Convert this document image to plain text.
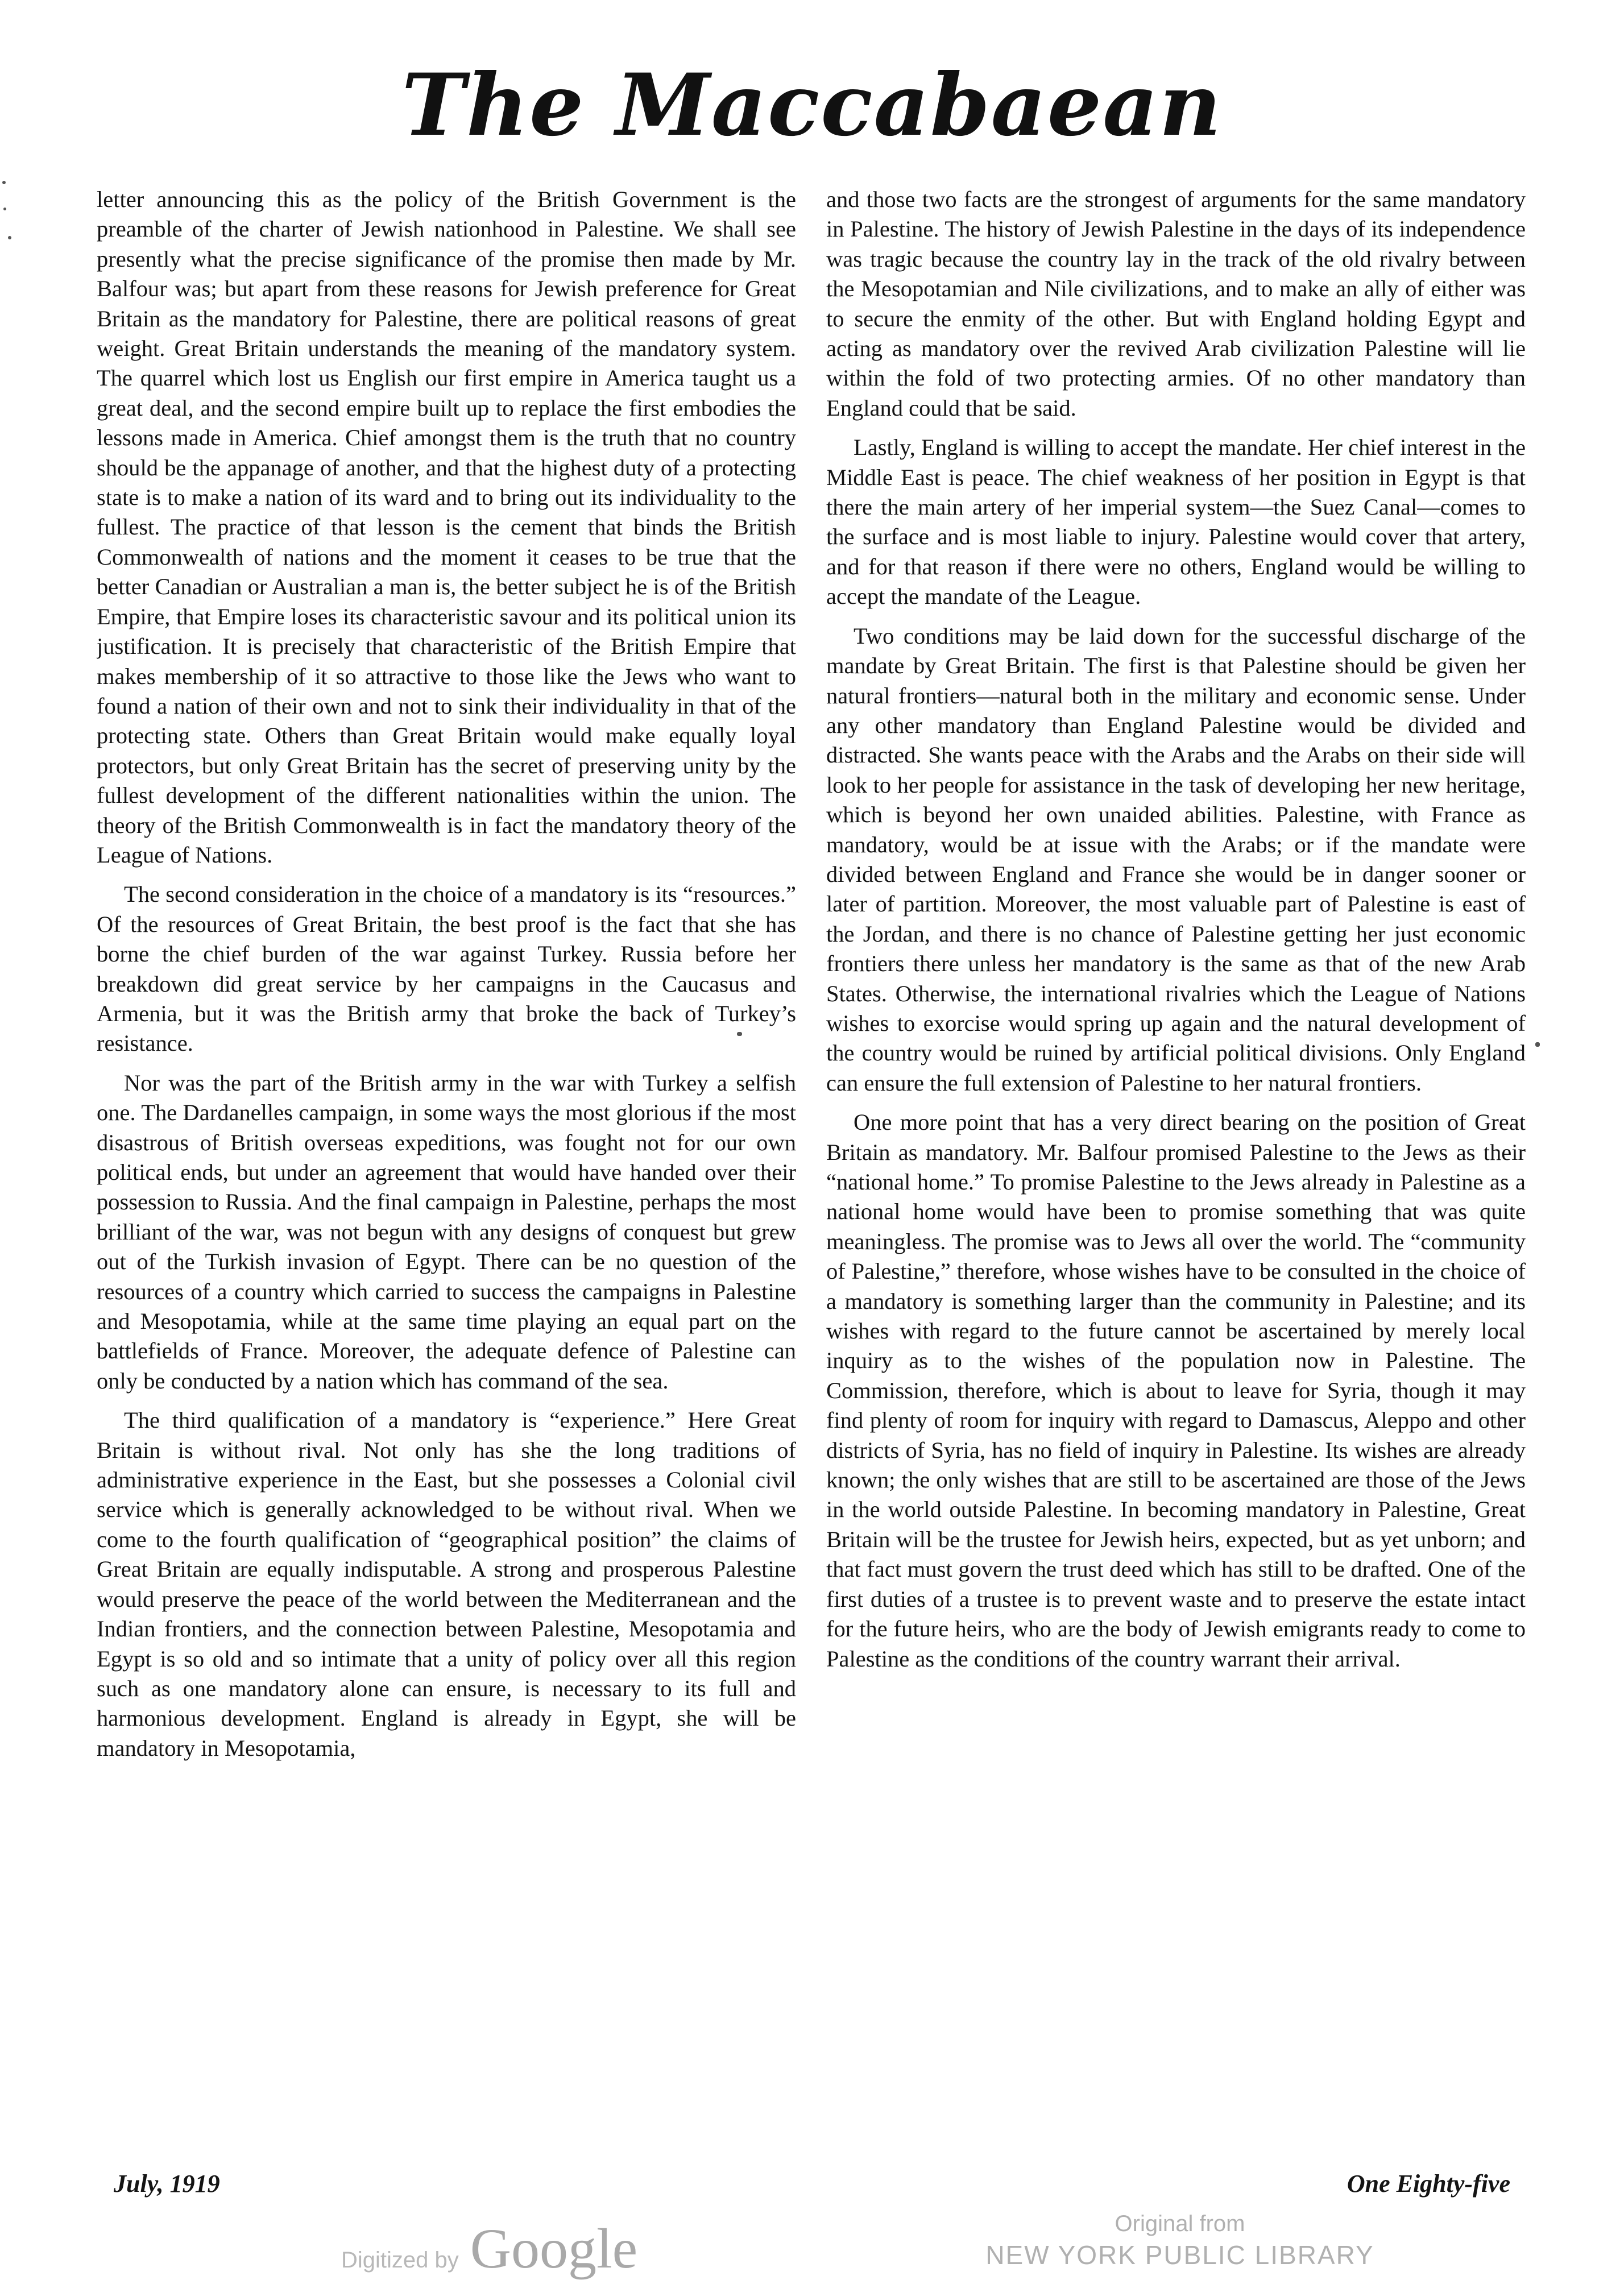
The Maccabaean

letter announcing this as the policy of the British Government is the preamble of the charter of Jewish nationhood in Palestine. We shall see presently what the precise significance of the promise then made by Mr. Balfour was; but apart from these reasons for Jewish preference for Great Britain as the mandatory for Palestine, there are political reasons of great weight. Great Britain understands the meaning of the mandatory system. The quarrel which lost us English our first empire in America taught us a great deal, and the second empire built up to replace the first embodies the lessons made in America. Chief amongst them is the truth that no country should be the appanage of another, and that the highest duty of a protecting state is to make a nation of its ward and to bring out its individuality to the fullest. The practice of that lesson is the cement that binds the British Commonwealth of nations and the moment it ceases to be true that the better Canadian or Australian a man is, the better subject he is of the British Empire, that Empire loses its characteristic savour and its political union its justification. It is precisely that characteristic of the British Empire that makes membership of it so attractive to those like the Jews who want to found a nation of their own and not to sink their individuality in that of the protecting state. Others than Great Britain would make equally loyal protectors, but only Great Britain has the secret of preserving unity by the fullest development of the different nationalities within the union. The theory of the British Commonwealth is in fact the mandatory theory of the League of Nations.

The second consideration in the choice of a mandatory is its “resources.” Of the resources of Great Britain, the best proof is the fact that she has borne the chief burden of the war against Turkey. Russia before her breakdown did great service by her campaigns in the Caucasus and Armenia, but it was the British army that broke the back of Turkey’s resistance.

Nor was the part of the British army in the war with Turkey a selfish one. The Dardanelles campaign, in some ways the most glorious if the most disastrous of British overseas expeditions, was fought not for our own political ends, but under an agreement that would have handed over their possession to Russia. And the final campaign in Palestine, perhaps the most brilliant of the war, was not begun with any designs of conquest but grew out of the Turkish invasion of Egypt. There can be no question of the resources of a country which carried to success the campaigns in Palestine and Mesopotamia, while at the same time playing an equal part on the battlefields of France. Moreover, the adequate defence of Palestine can only be conducted by a nation which has command of the sea.

The third qualification of a mandatory is “experience.” Here Great Britain is without rival. Not only has she the long traditions of administrative experience in the East, but she possesses a Colonial civil service which is generally acknowledged to be without rival. When we come to the fourth qualification of “geographical position” the claims of Great Britain are equally indisputable. A strong and prosperous Palestine would preserve the peace of the world between the Mediterranean and the Indian frontiers, and the connection between Palestine, Mesopotamia and Egypt is so old and so intimate that a unity of policy over all this region such as one mandatory alone can ensure, is necessary to its full and harmonious development. England is already in Egypt, she will be mandatory in Mesopotamia,

and those two facts are the strongest of arguments for the same mandatory in Palestine. The history of Jewish Palestine in the days of its independence was tragic because the country lay in the track of the old rivalry between the Mesopotamian and Nile civilizations, and to make an ally of either was to secure the enmity of the other. But with England holding Egypt and acting as mandatory over the revived Arab civilization Palestine will lie within the fold of two protecting armies. Of no other mandatory than England could that be said.

Lastly, England is willing to accept the mandate. Her chief interest in the Middle East is peace. The chief weakness of her position in Egypt is that there the main artery of her imperial system—the Suez Canal—comes to the surface and is most liable to injury. Palestine would cover that artery, and for that reason if there were no others, England would be willing to accept the mandate of the League.

Two conditions may be laid down for the successful discharge of the mandate by Great Britain. The first is that Palestine should be given her natural frontiers—natural both in the military and economic sense. Under any other mandatory than England Palestine would be divided and distracted. She wants peace with the Arabs and the Arabs on their side will look to her people for assistance in the task of developing her new heritage, which is beyond her own unaided abilities. Palestine, with France as mandatory, would be at issue with the Arabs; or if the mandate were divided between England and France she would be in danger sooner or later of partition. Moreover, the most valuable part of Palestine is east of the Jordan, and there is no chance of Palestine getting her just economic frontiers there unless her mandatory is the same as that of the new Arab States. Otherwise, the international rivalries which the League of Nations wishes to exorcise would spring up again and the natural development of the country would be ruined by artificial political divisions. Only England can ensure the full extension of Palestine to her natural frontiers.

One more point that has a very direct bearing on the position of Great Britain as mandatory. Mr. Balfour promised Palestine to the Jews as their “national home.” To promise Palestine to the Jews already in Palestine as a national home would have been to promise something that was quite meaningless. The promise was to Jews all over the world. The “community of Palestine,” therefore, whose wishes have to be consulted in the choice of a mandatory is something larger than the community in Palestine; and its wishes with regard to the future cannot be ascertained by merely local inquiry as to the wishes of the population now in Palestine. The Commission, therefore, which is about to leave for Syria, though it may find plenty of room for inquiry with regard to Damascus, Aleppo and other districts of Syria, has no field of inquiry in Palestine. Its wishes are already known; the only wishes that are still to be ascertained are those of the Jews in the world outside Palestine. In becoming mandatory in Palestine, Great Britain will be the trustee for Jewish heirs, expected, but as yet unborn; and that fact must govern the trust deed which has still to be drafted. One of the first duties of a trustee is to prevent waste and to preserve the estate intact for the future heirs, who are the body of Jewish emigrants ready to come to Palestine as the conditions of the country warrant their arrival.

July, 1919	One Eighty-five
Digitized by Google	Original from
NEW YORK PUBLIC LIBRARY
